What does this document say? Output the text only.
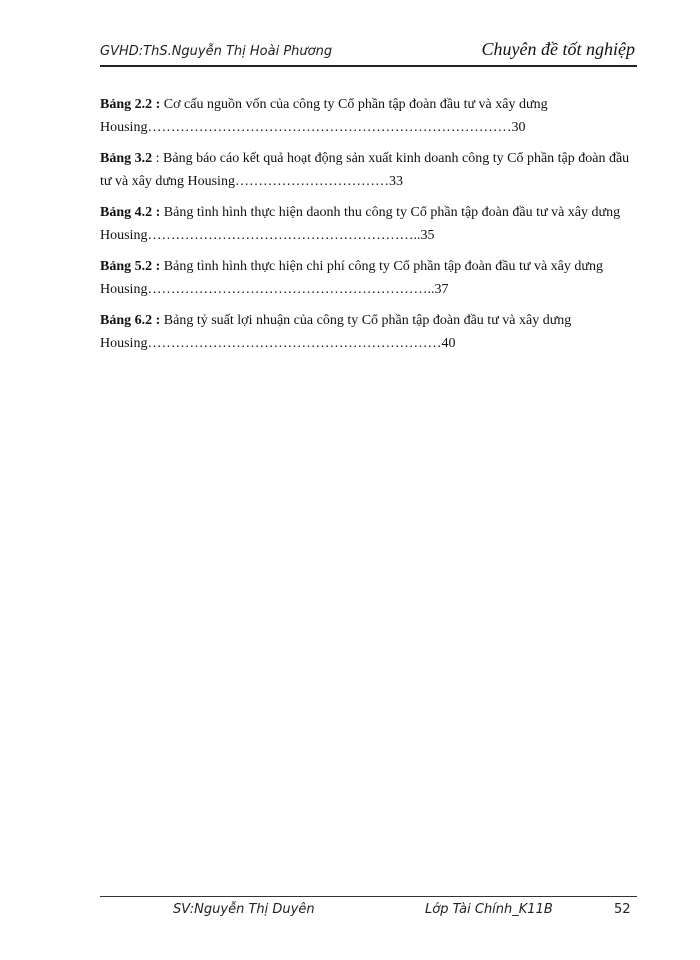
GVHD:ThS.Nguyễn Thị Hoài Phương	Chuyên đề tốt nghiệp
Bảng 2.2 : Cơ cấu nguồn vốn của công ty Cổ phần tập đoàn đầu tư và xây dưng Housing……………………………………………………………………30
Bảng 3.2 : Bảng báo cáo kết quả hoạt động sản xuất kinh doanh công ty Cổ phần tập đoàn đầu tư và xây dưng Housing……………………………33
Bảng 4.2 : Bảng tình hình thực hiện daonh thu công ty Cổ phần tập đoàn đầu tư và xây dưng Housing…………………………………………………..35
Bảng 5.2 : Bảng tình hình thực hiện chi phí công ty Cổ phần tập đoàn đầu tư và xây dưng Housing……………………………………………………..37
Bảng 6.2 : Bảng tỷ suất lợi nhuận của công ty Cổ phần tập đoàn đầu tư và xây dưng Housing………………………………………………………40
SV:Nguyễn Thị Duyên	Lớp Tài Chính_K11B	52
